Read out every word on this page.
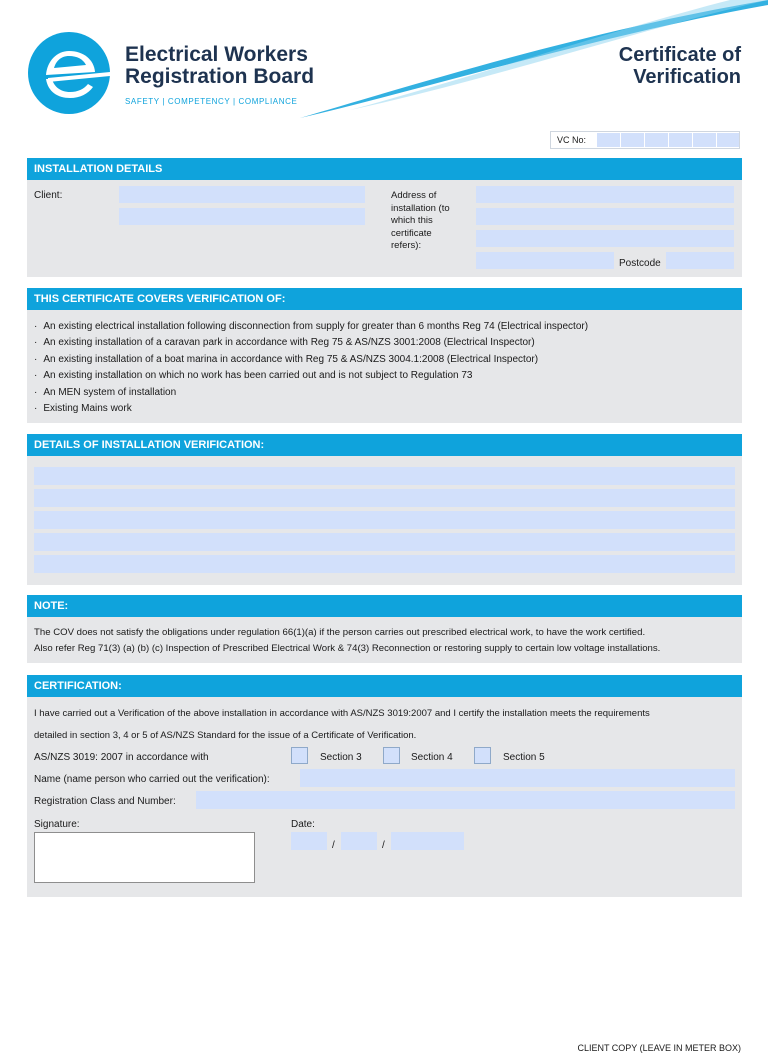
Electrical Workers
Registration Board
SAFETY | COMPETENCY | COMPLIANCE
Certificate of
Verification
VC No:
INSTALLATION DETAILS
Client:	Address of installation (to which this certificate refers):
Postcode
THIS CERTIFICATE COVERS VERIFICATION OF:
· An existing electrical installation following disconnection from supply for greater than 6 months Reg 74 (Electrical inspector)
· An existing installation of a caravan park in accordance with Reg 75 & AS/NZS 3001:2008 (Electrical Inspector)
· An existing installation of a boat marina in accordance with Reg 75 & AS/NZS 3004.1:2008 (Electrical Inspector)
· An existing installation on which no work has been carried out and is not subject to Regulation 73
· An MEN system of installation
· Existing Mains work
DETAILS OF INSTALLATION VERIFICATION:
NOTE:
The COV does not satisfy the obligations under regulation 66(1)(a) if the person carries out prescribed electrical work, to have the work certified.
Also refer Reg 71(3) (a) (b) (c) Inspection of Prescribed Electrical Work & 74(3) Reconnection or restoring supply to certain low voltage installations.
CERTIFICATION:
I have carried out a Verification of the above installation in accordance with AS/NZS 3019:2007 and I certify the installation meets the requirements
detailed in section 3, 4 or 5 of AS/NZS Standard for the issue of a Certificate of Verification.
AS/NZS 3019: 2007 in accordance with	Section 3	Section 4	Section 5
Name (name person who carried out the verification):
Registration Class and Number:
Signature:	Date:
/	/
CLIENT COPY (LEAVE IN METER BOX)
